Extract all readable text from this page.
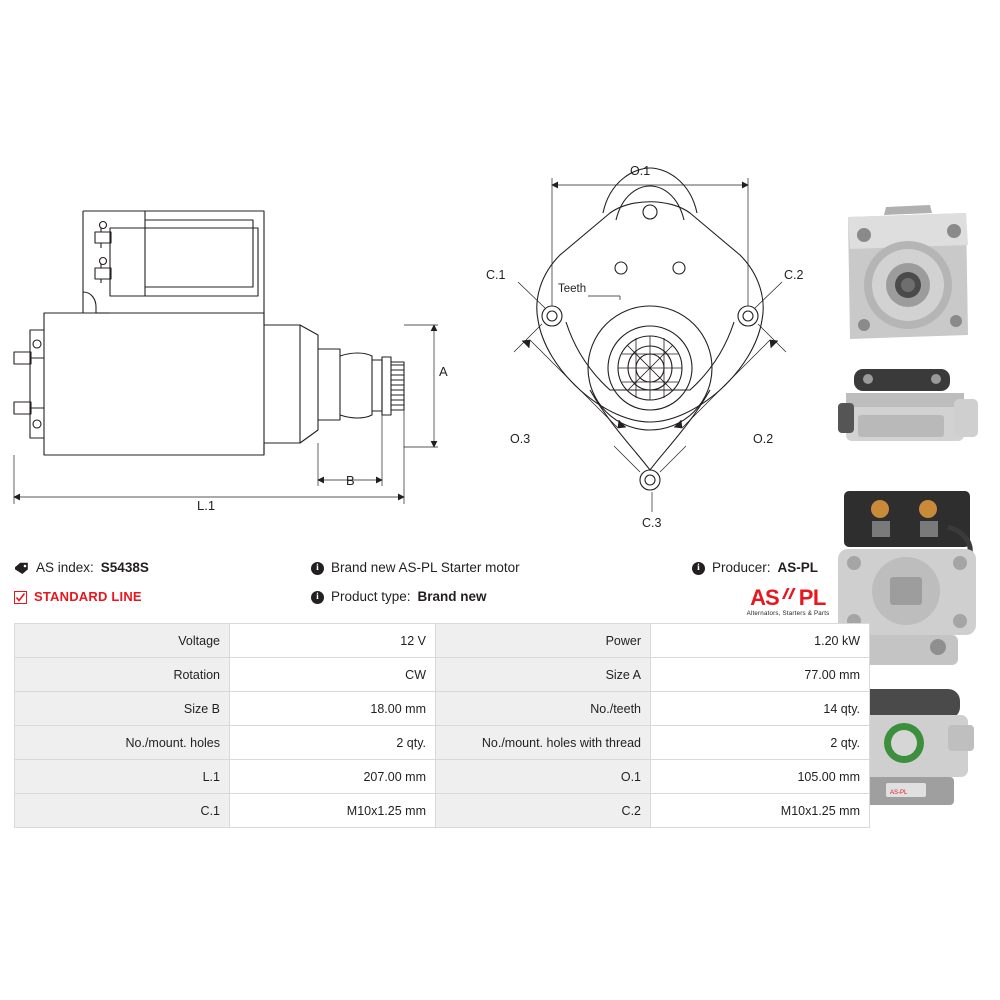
A
B
L.1
O.1
O.2
O.3
C.1	C.2
C.3
Teeth
AS-PL
AS index: S5438S
STANDARD LINE
i Brand new AS-PL Starter motor
i Product type: Brand new
i Producer: AS-PL
AS PL
Alternators, Starters & Parts
Voltage	12 V	Power	1.20 kW
Rotation	CW	Size A	77.00 mm
Size B	18.00 mm	No./teeth	14 qty.
No./mount. holes	2 qty.	No./mount. holes with thread	2 qty.
L.1	207.00 mm	O.1	105.00 mm
C.1	M10x1.25 mm	C.2	M10x1.25 mm
